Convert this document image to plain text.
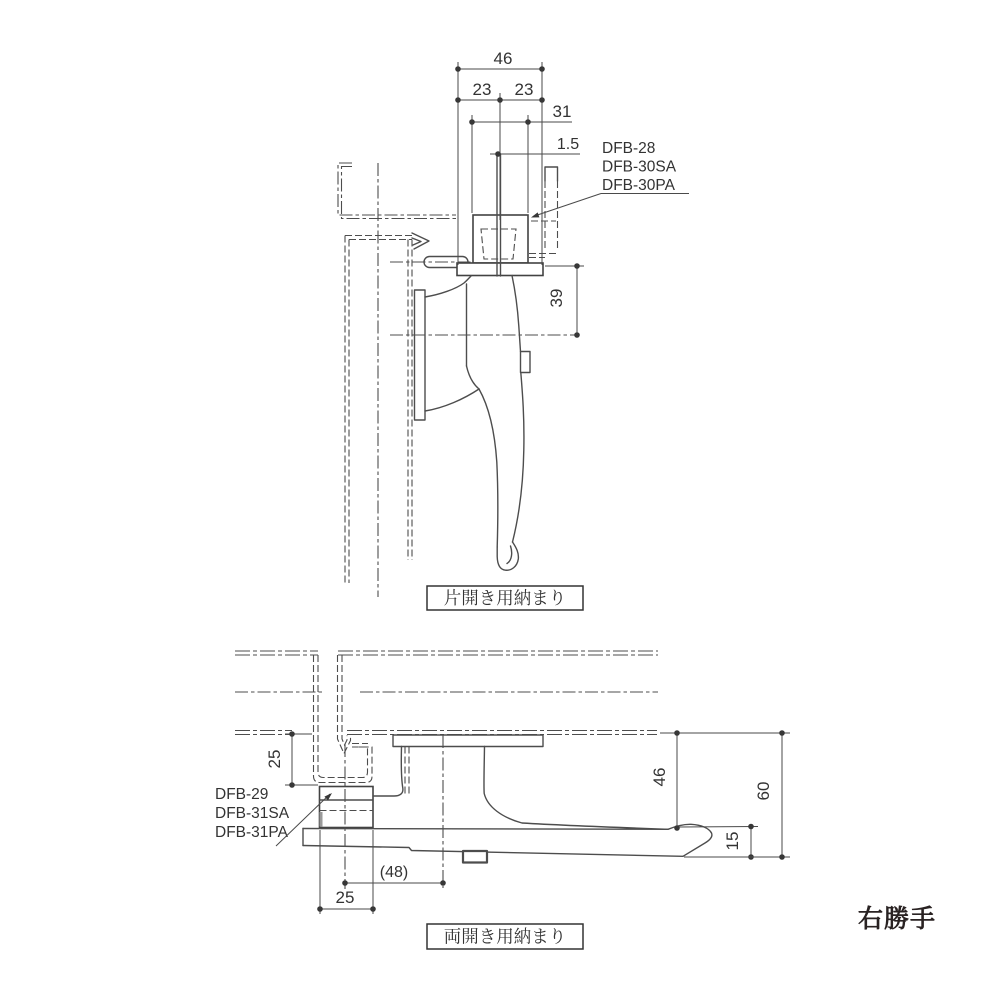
46
23 23
31
1.5
39
DFB-28
DFB-30SA
DFB-30PA
片開き用納まり
DFB-29
DFB-31SA
DFB-31PA
25
46
15
60
(48)
25
両開き用納まり
右勝手
